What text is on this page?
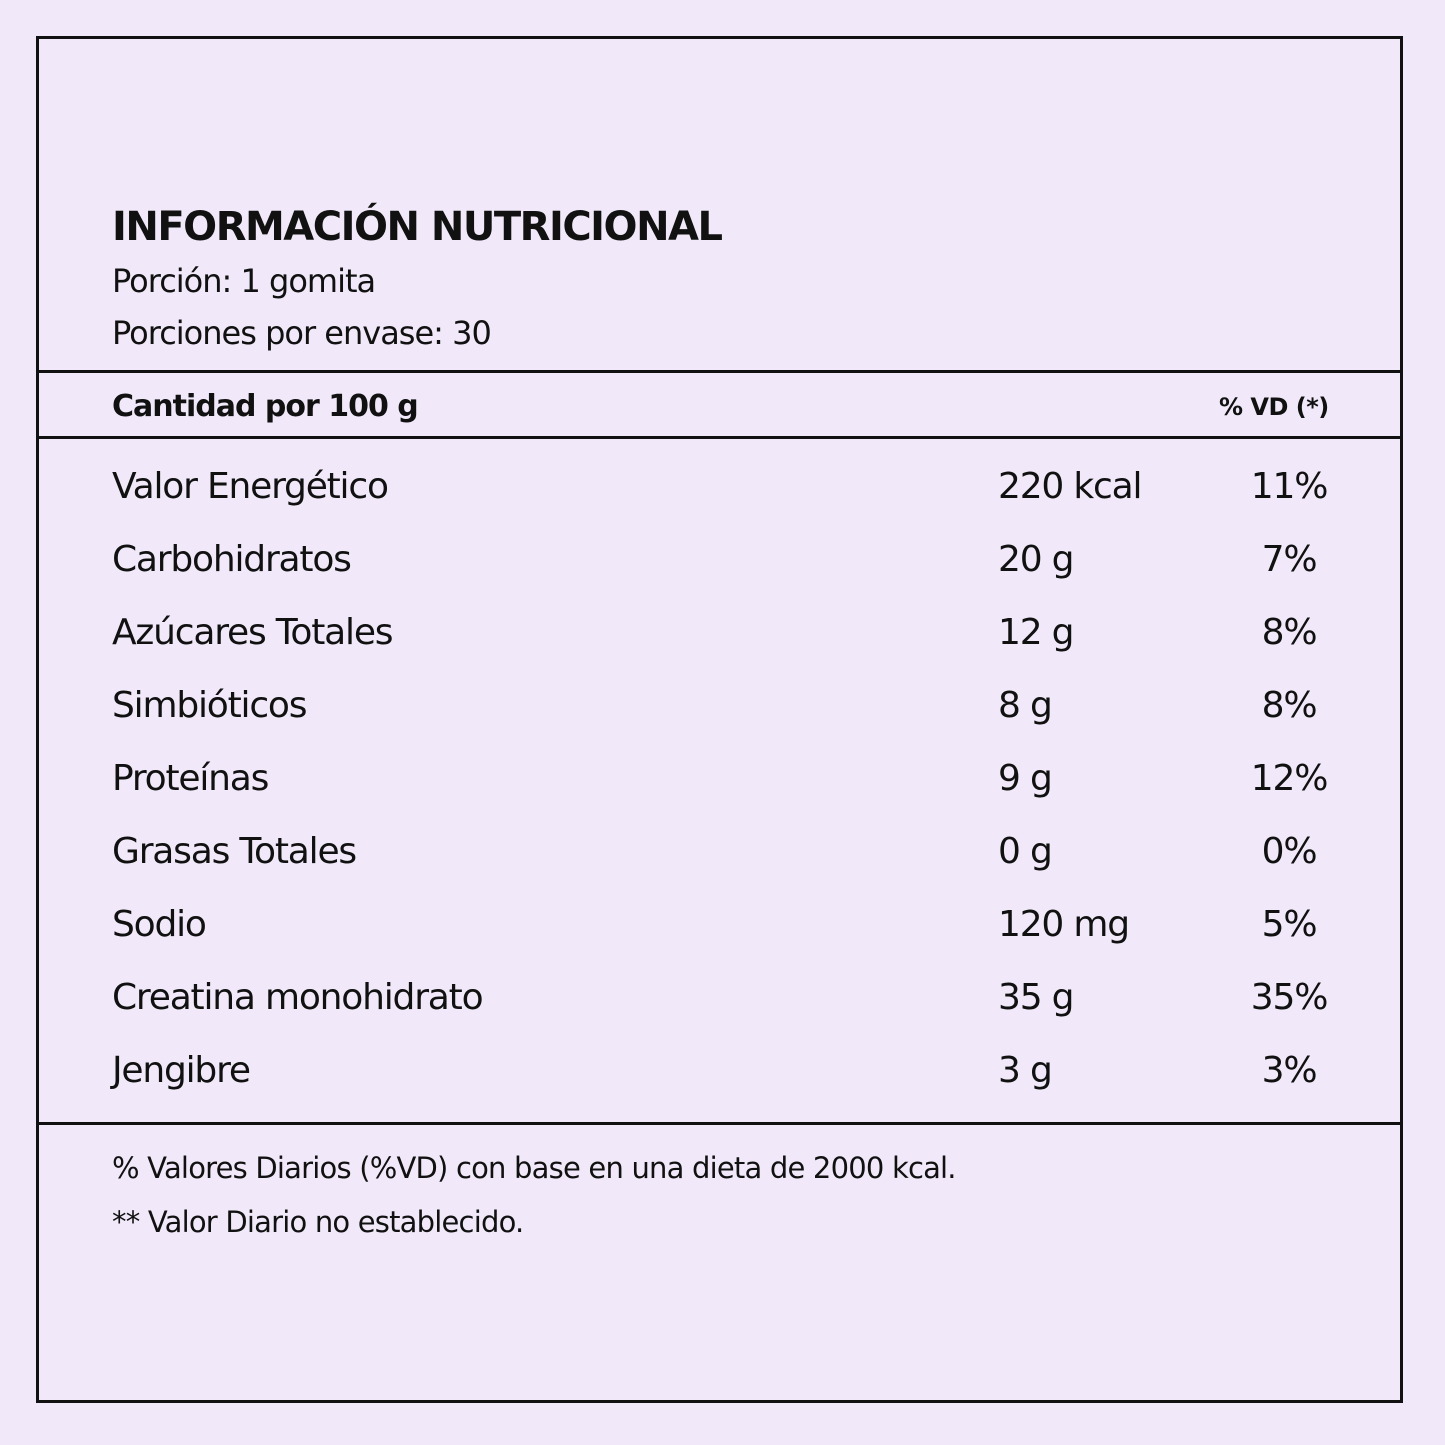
INFORMACIÓN NUTRICIONAL
Porción: 1 gomita
Porciones por envase: 30
Cantidad por 100 g	% VD (*)
Valor Energético	220 kcal	11%
Carbohidratos	20 g	7%
Azúcares Totales	12 g	8%
Simbióticos	8 g	8%
Proteínas	9 g	12%
Grasas Totales	0 g	0%
Sodio	120 mg	5%
Creatina monohidrato	35 g	35%
Jengibre	3 g	3%
% Valores Diarios (%VD) con base en una dieta de 2000 kcal.
** Valor Diario no establecido.
